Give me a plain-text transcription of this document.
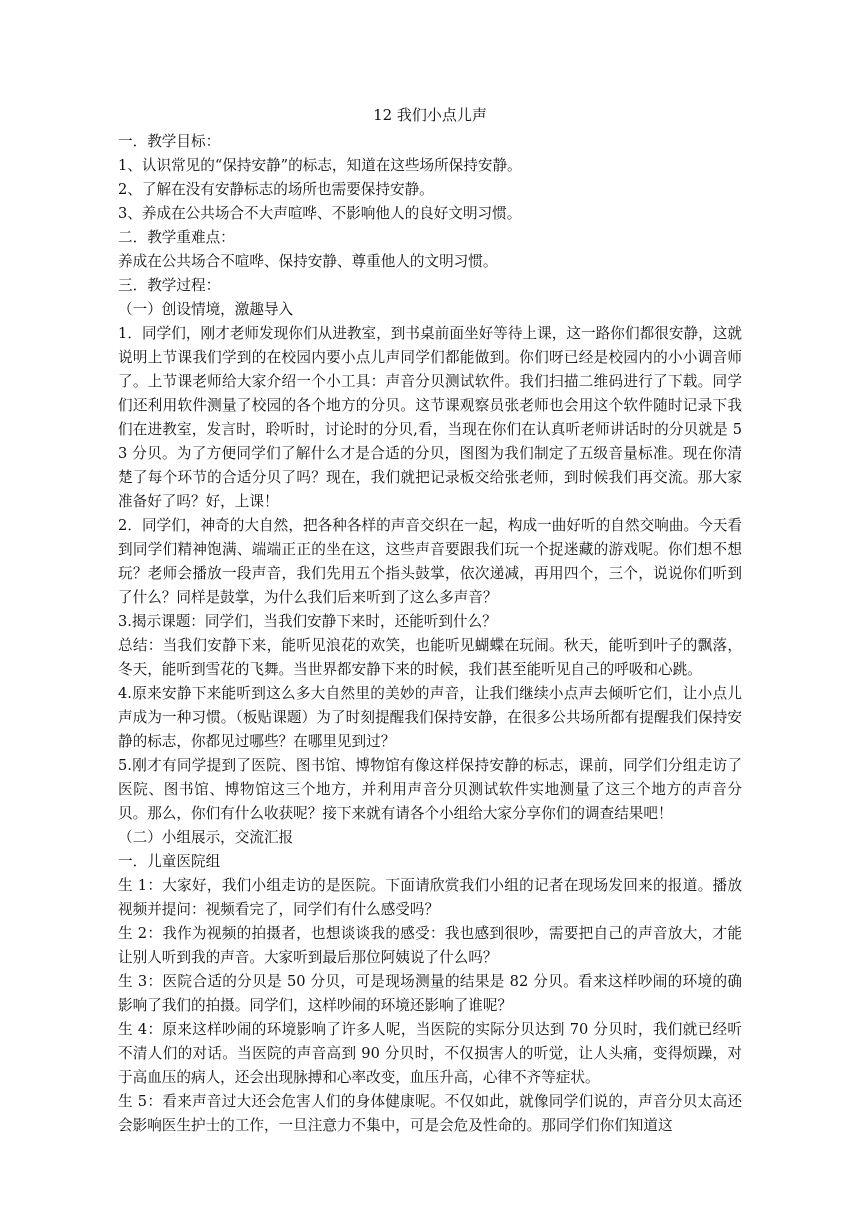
12 我们小点儿声

一．教学目标：

1、认识常见的“保持安静”的标志，知道在这些场所保持安静。

2、了解在没有安静标志的场所也需要保持安静。

3、养成在公共场合不大声喧哗、不影响他人的良好文明习惯。

二．教学重难点：

养成在公共场合不喧哗、保持安静、尊重他人的文明习惯。

三．教学过程：

（一）创设情境，激趣导入

1．同学们，刚才老师发现你们从进教室，到书桌前面坐好等待上课，这一路你们都很安静，这就说明上节课我们学到的在校园内要小点儿声同学们都能做到。你们呀已经是校园内的小小调音师了。上节课老师给大家介绍一个小工具：声音分贝测试软件。我们扫描二维码进行了下载。同学们还利用软件测量了校园的各个地方的分贝。这节课观察员张老师也会用这个软件随时记录下我们在进教室，发言时，聆听时，讨论时的分贝,看，当现在你们在认真听老师讲话时的分贝就是 53 分贝。为了方便同学们了解什么才是合适的分贝，图图为我们制定了五级音量标准。现在你清楚了每个环节的合适分贝了吗？现在，我们就把记录板交给张老师，到时候我们再交流。那大家准备好了吗？好，上课！

2．同学们，神奇的大自然，把各种各样的声音交织在一起，构成一曲好听的自然交响曲。今天看到同学们精神饱满、端端正正的坐在这，这些声音要跟我们玩一个捉迷藏的游戏呢。你们想不想玩？老师会播放一段声音，我们先用五个指头鼓掌，依次递减，再用四个，三个，说说你们听到了什么？同样是鼓掌，为什么我们后来听到了这么多声音？

3.揭示课题：同学们，当我们安静下来时，还能听到什么？

总结：当我们安静下来，能听见浪花的欢笑，也能听见蝴蝶在玩闹。秋天，能听到叶子的飘落，冬天，能听到雪花的飞舞。当世界都安静下来的时候，我们甚至能听见自己的呼吸和心跳。

4.原来安静下来能听到这么多大自然里的美妙的声音，让我们继续小点声去倾听它们，让小点儿声成为一种习惯。（板贴课题）为了时刻提醒我们保持安静，在很多公共场所都有提醒我们保持安静的标志，你都见过哪些？在哪里见到过？

5.刚才有同学提到了医院、图书馆、博物馆有像这样保持安静的标志，课前，同学们分组走访了医院、图书馆、博物馆这三个地方，并利用声音分贝测试软件实地测量了这三个地方的声音分贝。那么，你们有什么收获呢？接下来就有请各个小组给大家分享你们的调查结果吧！

（二）小组展示，交流汇报

一．儿童医院组

生 1：大家好，我们小组走访的是医院。下面请欣赏我们小组的记者在现场发回来的报道。播放视频并提问：视频看完了，同学们有什么感受吗？

生 2：我作为视频的拍摄者，也想谈谈我的感受：我也感到很吵，需要把自己的声音放大，才能让别人听到我的声音。大家听到最后那位阿姨说了什么吗？

生 3：医院合适的分贝是 50 分贝，可是现场测量的结果是 82 分贝。看来这样吵闹的环境的确影响了我们的拍摄。同学们，这样吵闹的环境还影响了谁呢？

生 4：原来这样吵闹的环境影响了许多人呢，当医院的实际分贝达到 70 分贝时，我们就已经听不清人们的对话。当医院的声音高到 90 分贝时，不仅损害人的听觉，让人头痛，变得烦躁，对于高血压的病人，还会出现脉搏和心率改变，血压升高，心律不齐等症状。

生 5：看来声音过大还会危害人们的身体健康呢。不仅如此，就像同学们说的，声音分贝太高还会影响医生护士的工作，一旦注意力不集中，可是会危及性命的。那同学们你们知道这
